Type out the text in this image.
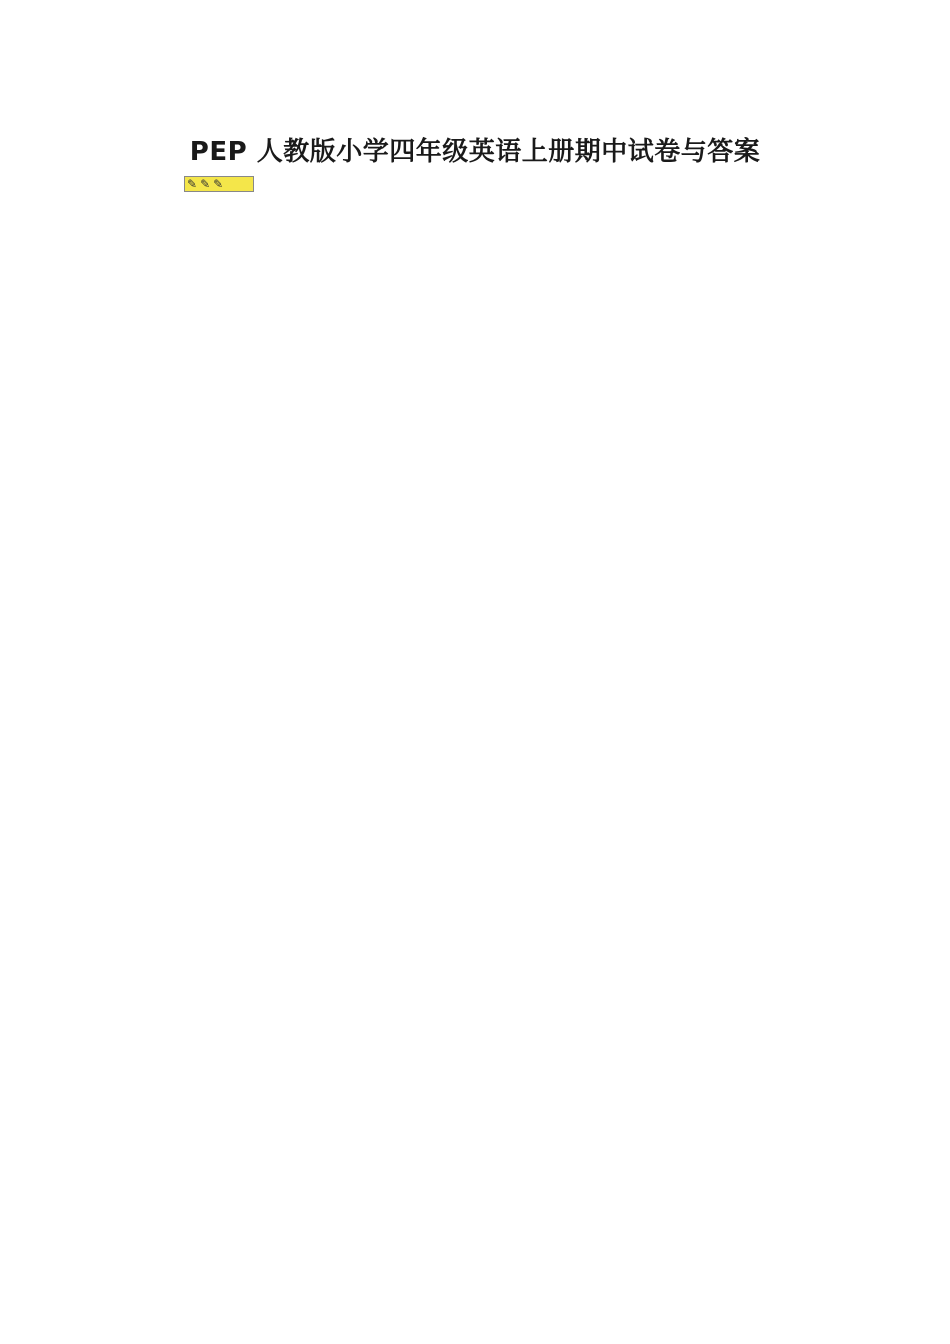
PEP 人教版小学四年级英语上册期中试卷与答案
✎ ✎ ✎
